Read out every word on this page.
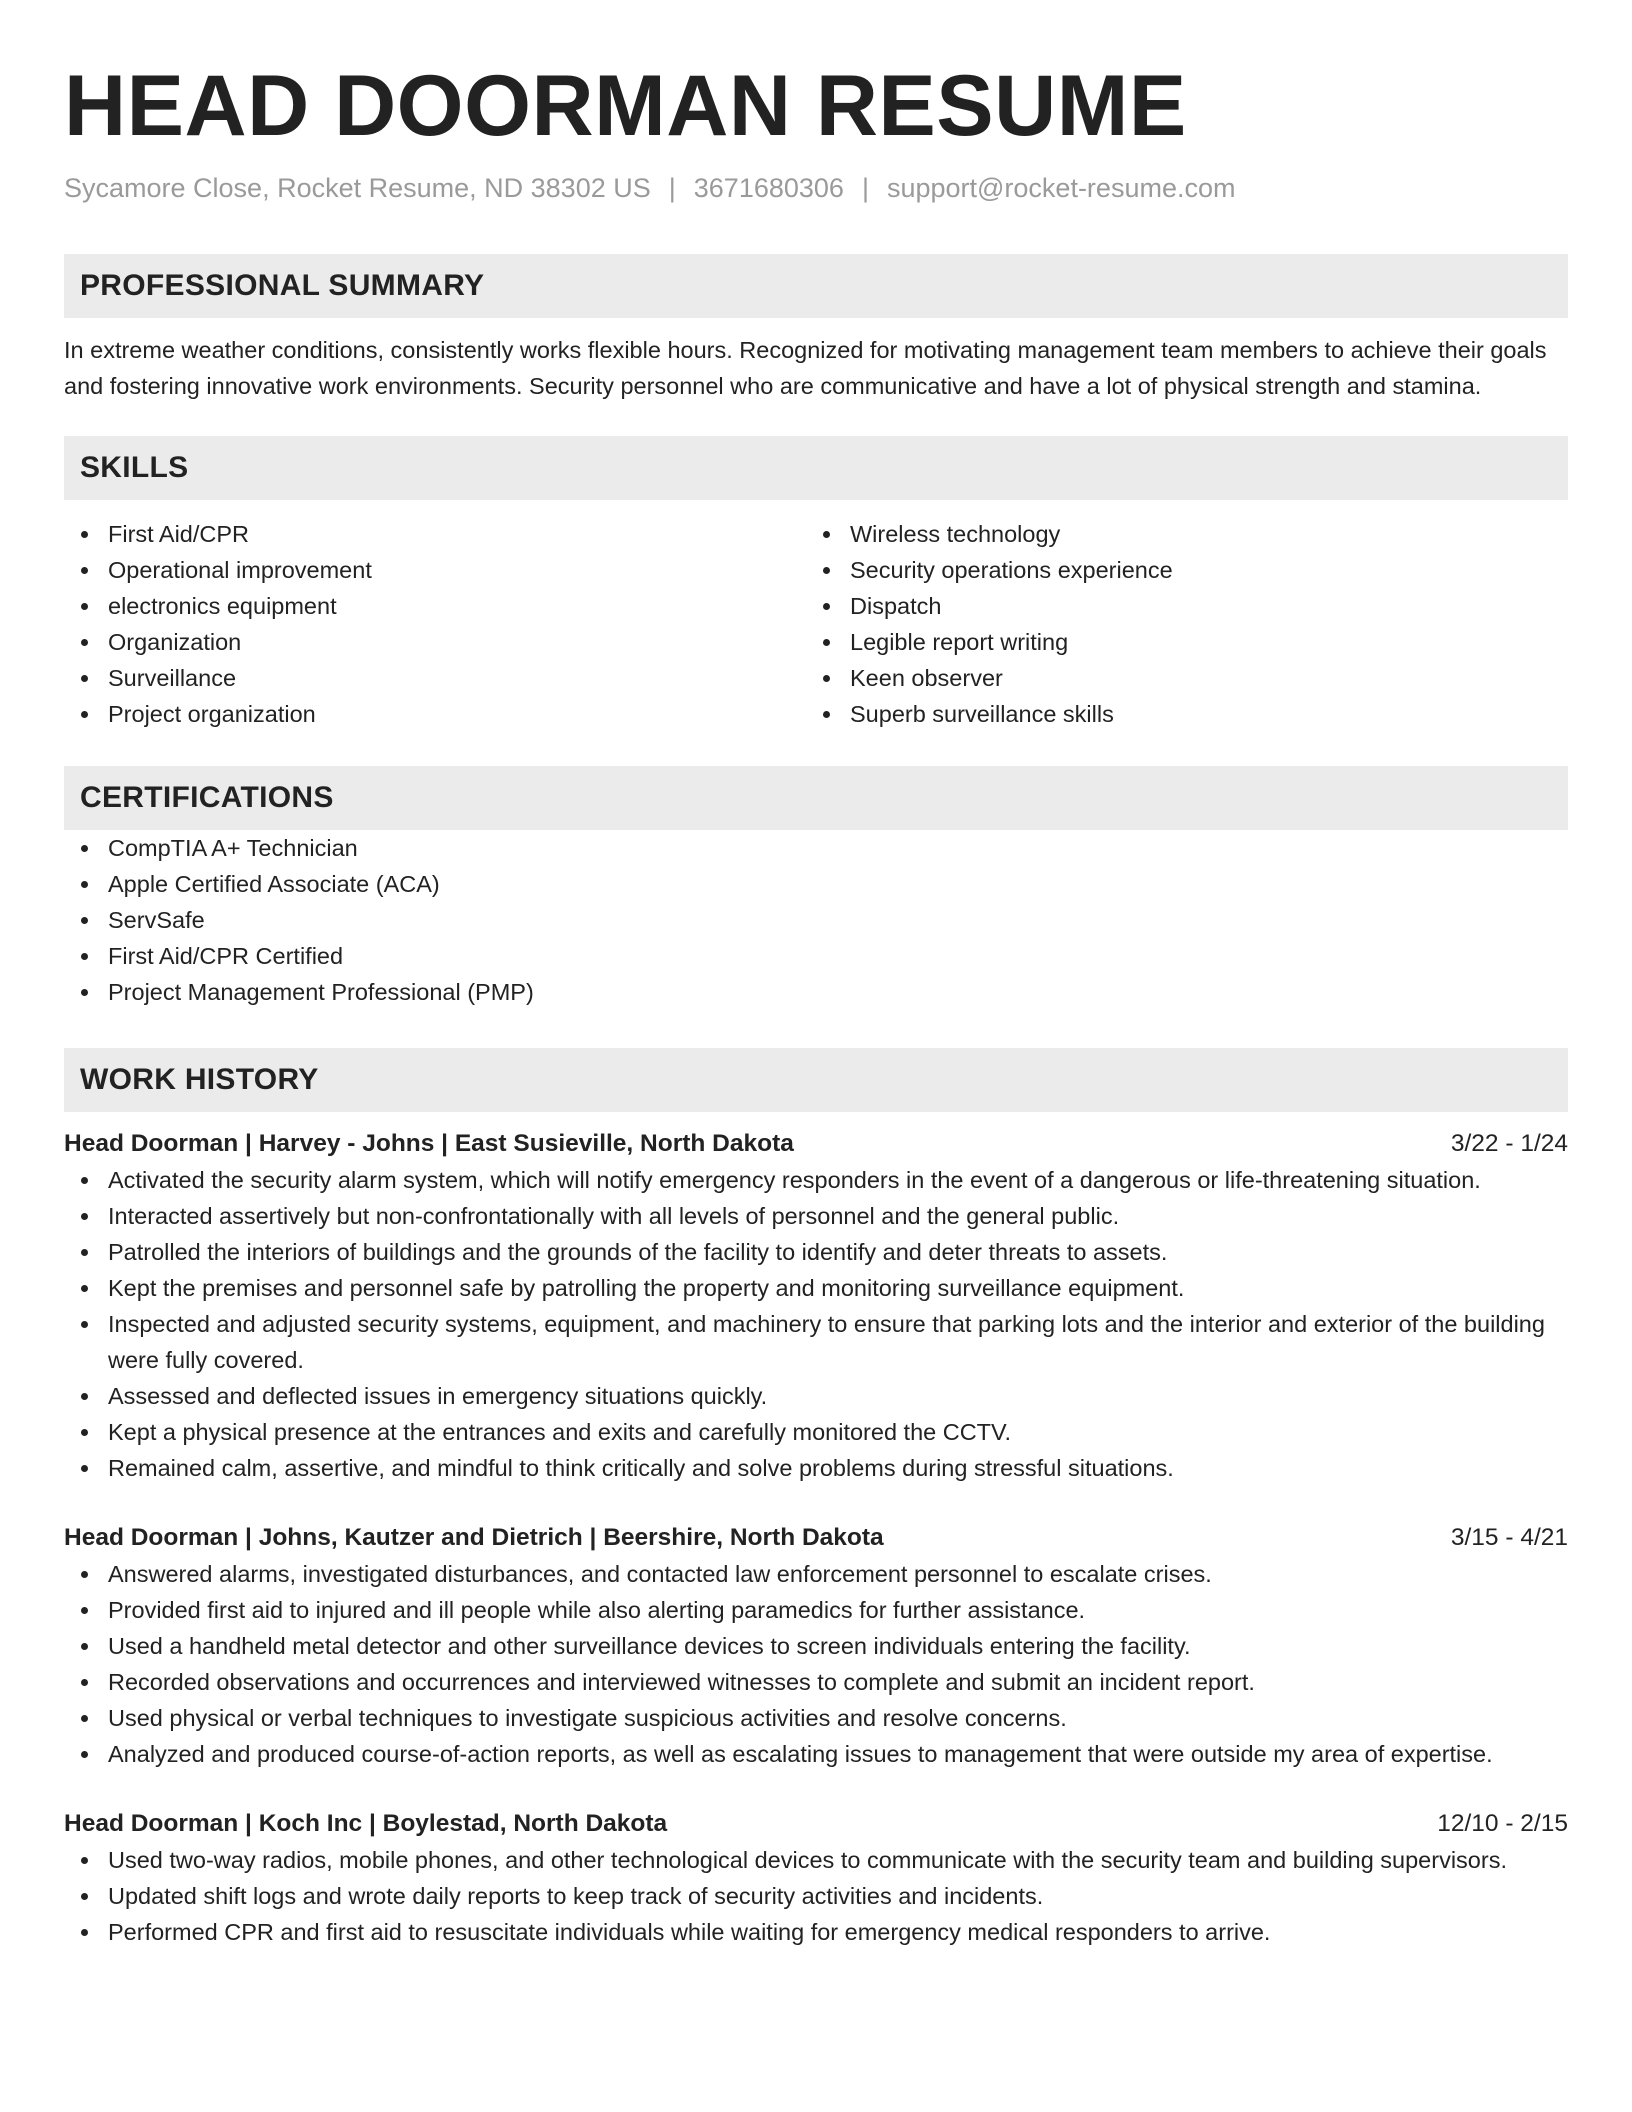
HEAD DOORMAN RESUME
Sycamore Close, Rocket Resume, ND 38302 US | 3671680306 | support@rocket-resume.com
PROFESSIONAL SUMMARY
In extreme weather conditions, consistently works flexible hours. Recognized for motivating management team members to achieve their goals and fostering innovative work environments. Security personnel who are communicative and have a lot of physical strength and stamina.
SKILLS
First Aid/CPR
Operational improvement
electronics equipment
Organization
Surveillance
Project organization
Wireless technology
Security operations experience
Dispatch
Legible report writing
Keen observer
Superb surveillance skills
CERTIFICATIONS
CompTIA A+ Technician
Apple Certified Associate (ACA)
ServSafe
First Aid/CPR Certified
Project Management Professional (PMP)
WORK HISTORY
Head Doorman | Harvey - Johns | East Susieville, North Dakota	3/22 - 1/24
Activated the security alarm system, which will notify emergency responders in the event of a dangerous or life-threatening situation.
Interacted assertively but non-confrontationally with all levels of personnel and the general public.
Patrolled the interiors of buildings and the grounds of the facility to identify and deter threats to assets.
Kept the premises and personnel safe by patrolling the property and monitoring surveillance equipment.
Inspected and adjusted security systems, equipment, and machinery to ensure that parking lots and the interior and exterior of the building were fully covered.
Assessed and deflected issues in emergency situations quickly.
Kept a physical presence at the entrances and exits and carefully monitored the CCTV.
Remained calm, assertive, and mindful to think critically and solve problems during stressful situations.
Head Doorman | Johns, Kautzer and Dietrich | Beershire, North Dakota	3/15 - 4/21
Answered alarms, investigated disturbances, and contacted law enforcement personnel to escalate crises.
Provided first aid to injured and ill people while also alerting paramedics for further assistance.
Used a handheld metal detector and other surveillance devices to screen individuals entering the facility.
Recorded observations and occurrences and interviewed witnesses to complete and submit an incident report.
Used physical or verbal techniques to investigate suspicious activities and resolve concerns.
Analyzed and produced course-of-action reports, as well as escalating issues to management that were outside my area of expertise.
Head Doorman | Koch Inc | Boylestad, North Dakota	12/10 - 2/15
Used two-way radios, mobile phones, and other technological devices to communicate with the security team and building supervisors.
Updated shift logs and wrote daily reports to keep track of security activities and incidents.
Performed CPR and first aid to resuscitate individuals while waiting for emergency medical responders to arrive.
